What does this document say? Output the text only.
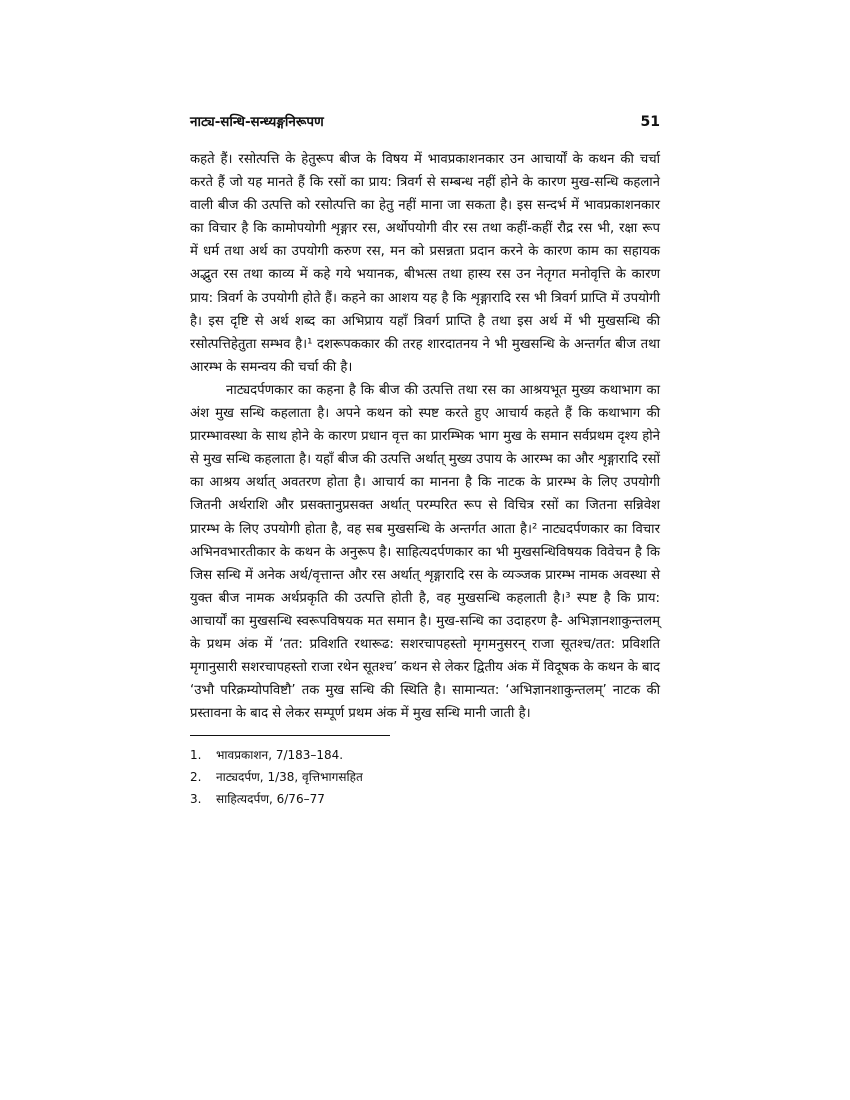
नाट्य-सन्धि-सन्ध्यङ्गनिरूपण	51

कहते हैं। रसोत्पत्ति के हेतुरूप बीज के विषय में भावप्रकाशनकार उन आचार्यों के कथन की चर्चा करते हैं जो यह मानते हैं कि रसों का प्राय: त्रिवर्ग से सम्बन्ध नहीं होने के कारण मुख-सन्धि कहलाने वाली बीज की उत्पत्ति को रसोत्पत्ति का हेतु नहीं माना जा सकता है। इस सन्दर्भ में भावप्रकाशनकार का विचार है कि कामोपयोगी शृङ्गार रस, अर्थोपयोगी वीर रस तथा कहीं-कहीं रौद्र रस भी, रक्षा रूप में धर्म तथा अर्थ का उपयोगी करुण रस, मन को प्रसन्नता प्रदान करने के कारण काम का सहायक अद्भुत रस तथा काव्य में कहे गये भयानक, बीभत्स तथा हास्य रस उन नेतृगत मनोवृत्ति के कारण प्राय: त्रिवर्ग के उपयोगी होते हैं। कहने का आशय यह है कि शृङ्गारादि रस भी त्रिवर्ग प्राप्ति में उपयोगी है। इस दृष्टि से अर्थ शब्द का अभिप्राय यहाँ त्रिवर्ग प्राप्ति है तथा इस अर्थ में भी मुखसन्धि की रसोत्पत्तिहेतुता सम्भव है।¹ दशरूपककार की तरह शारदातनय ने भी मुखसन्धि के अन्तर्गत बीज तथा आरम्भ के समन्वय की चर्चा की है।

नाट्यदर्पणकार का कहना है कि बीज की उत्पत्ति तथा रस का आश्रयभूत मुख्य कथाभाग का अंश मुख सन्धि कहलाता है। अपने कथन को स्पष्ट करते हुए आचार्य कहते हैं कि कथाभाग की प्रारम्भावस्था के साथ होने के कारण प्रधान वृत्त का प्रारम्भिक भाग मुख के समान सर्वप्रथम दृश्य होने से मुख सन्धि कहलाता है। यहाँ बीज की उत्पत्ति अर्थात् मुख्य उपाय के आरम्भ का और शृङ्गारादि रसों का आश्रय अर्थात् अवतरण होता है। आचार्य का मानना है कि नाटक के प्रारम्भ के लिए उपयोगी जितनी अर्थराशि और प्रसक्तानुप्रसक्त अर्थात् परम्परित रूप से विचित्र रसों का जितना सन्निवेश प्रारम्भ के लिए उपयोगी होता है, वह सब मुखसन्धि के अन्तर्गत आता है।² नाट्यदर्पणकार का विचार अभिनवभारतीकार के कथन के अनुरूप है। साहित्यदर्पणकार का भी मुखसन्धिविषयक विवेचन है कि जिस सन्धि में अनेक अर्थ/वृत्तान्त और रस अर्थात् शृङ्गारादि रस के व्यञ्जक प्रारम्भ नामक अवस्था से युक्त बीज नामक अर्थप्रकृति की उत्पत्ति होती है, वह मुखसन्धि कहलाती है।³ स्पष्ट है कि प्राय: आचार्यों का मुखसन्धि स्वरूपविषयक मत समान है। मुख-सन्धि का उदाहरण है- अभिज्ञानशाकुन्तलम् के प्रथम अंक में ‘तत: प्रविशति रथारूढ: सशरचापहस्तो मृगमनुसरन् राजा सूतश्च/तत: प्रविशति मृगानुसारी सशरचापहस्तो राजा रथेन सूतश्च’ कथन से लेकर द्वितीय अंक में विदूषक के कथन के बाद ‘उभौ परिक्रम्योपविष्टौ’ तक मुख सन्धि की स्थिति है। सामान्यत: ‘अभिज्ञानशाकुन्तलम्’ नाटक की प्रस्तावना के बाद से लेकर सम्पूर्ण प्रथम अंक में मुख सन्धि मानी जाती है।

1.	भावप्रकाशन, 7/183–184.
2.	नाट्यदर्पण, 1/38, वृत्तिभागसहित
3.	साहित्यदर्पण, 6/76–77
